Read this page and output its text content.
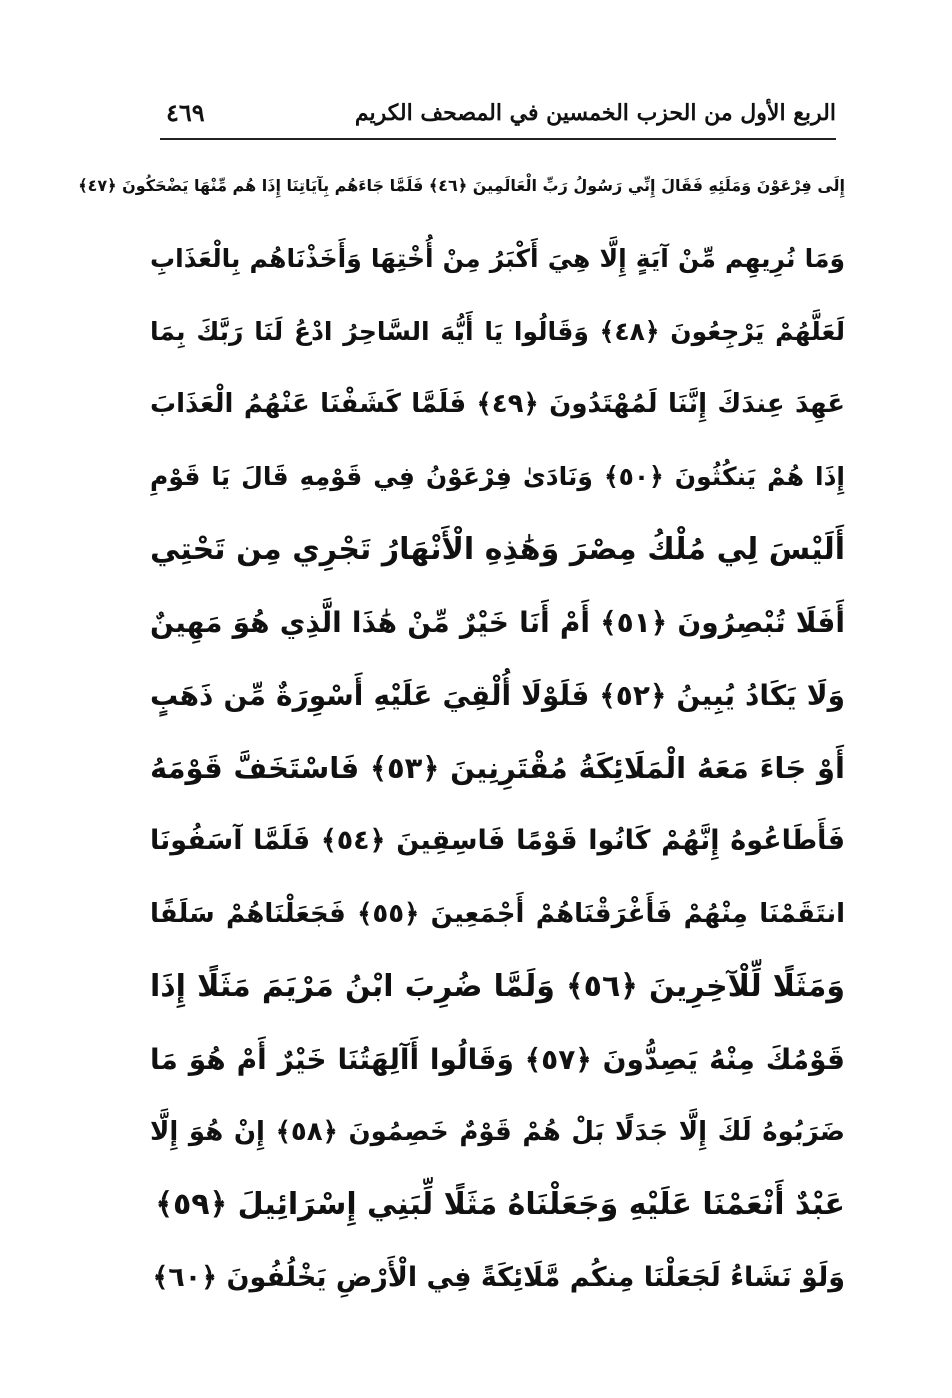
الربع الأول من الحزب الخمسين في المصحف الكريم
٤٦٩
إِلَى فِرْعَوْنَ وَمَلَئِهِ فَقَالَ إِنِّي رَسُولُ رَبِّ الْعَالَمِينَ ﴿٤٦﴾ فَلَمَّا جَاءَهُم بِآيَاتِنَا إِذَا هُم مِّنْهَا يَضْحَكُونَ ﴿٤٧﴾
وَمَا نُرِيهِم مِّنْ آيَةٍ إِلَّا هِيَ أَكْبَرُ مِنْ أُخْتِهَا وَأَخَذْنَاهُم بِالْعَذَابِ
لَعَلَّهُمْ يَرْجِعُونَ ﴿٤٨﴾ وَقَالُوا يَا أَيُّهَ السَّاحِرُ ادْعُ لَنَا رَبَّكَ بِمَا
عَهِدَ عِندَكَ إِنَّنَا لَمُهْتَدُونَ ﴿٤٩﴾ فَلَمَّا كَشَفْنَا عَنْهُمُ الْعَذَابَ
إِذَا هُمْ يَنكُثُونَ ﴿٥٠﴾ وَنَادَىٰ فِرْعَوْنُ فِي قَوْمِهِ قَالَ يَا قَوْمِ
أَلَيْسَ لِي مُلْكُ مِصْرَ وَهَٰذِهِ الْأَنْهَارُ تَجْرِي مِن تَحْتِي
أَفَلَا تُبْصِرُونَ ﴿٥١﴾ أَمْ أَنَا خَيْرٌ مِّنْ هَٰذَا الَّذِي هُوَ مَهِينٌ
وَلَا يَكَادُ يُبِينُ ﴿٥٢﴾ فَلَوْلَا أُلْقِيَ عَلَيْهِ أَسْوِرَةٌ مِّن ذَهَبٍ
أَوْ جَاءَ مَعَهُ الْمَلَائِكَةُ مُقْتَرِنِينَ ﴿٥٣﴾ فَاسْتَخَفَّ قَوْمَهُ
فَأَطَاعُوهُ إِنَّهُمْ كَانُوا قَوْمًا فَاسِقِينَ ﴿٥٤﴾ فَلَمَّا آسَفُونَا
انتَقَمْنَا مِنْهُمْ فَأَغْرَقْنَاهُمْ أَجْمَعِينَ ﴿٥٥﴾ فَجَعَلْنَاهُمْ سَلَفًا
وَمَثَلًا لِّلْآخِرِينَ ﴿٥٦﴾ وَلَمَّا ضُرِبَ ابْنُ مَرْيَمَ مَثَلًا إِذَا
قَوْمُكَ مِنْهُ يَصِدُّونَ ﴿٥٧﴾ وَقَالُوا أَآلِهَتُنَا خَيْرٌ أَمْ هُوَ مَا
ضَرَبُوهُ لَكَ إِلَّا جَدَلًا بَلْ هُمْ قَوْمٌ خَصِمُونَ ﴿٥٨﴾ إِنْ هُوَ إِلَّا
عَبْدٌ أَنْعَمْنَا عَلَيْهِ وَجَعَلْنَاهُ مَثَلًا لِّبَنِي إِسْرَائِيلَ ﴿٥٩﴾
وَلَوْ نَشَاءُ لَجَعَلْنَا مِنكُم مَّلَائِكَةً فِي الْأَرْضِ يَخْلُفُونَ ﴿٦٠﴾
